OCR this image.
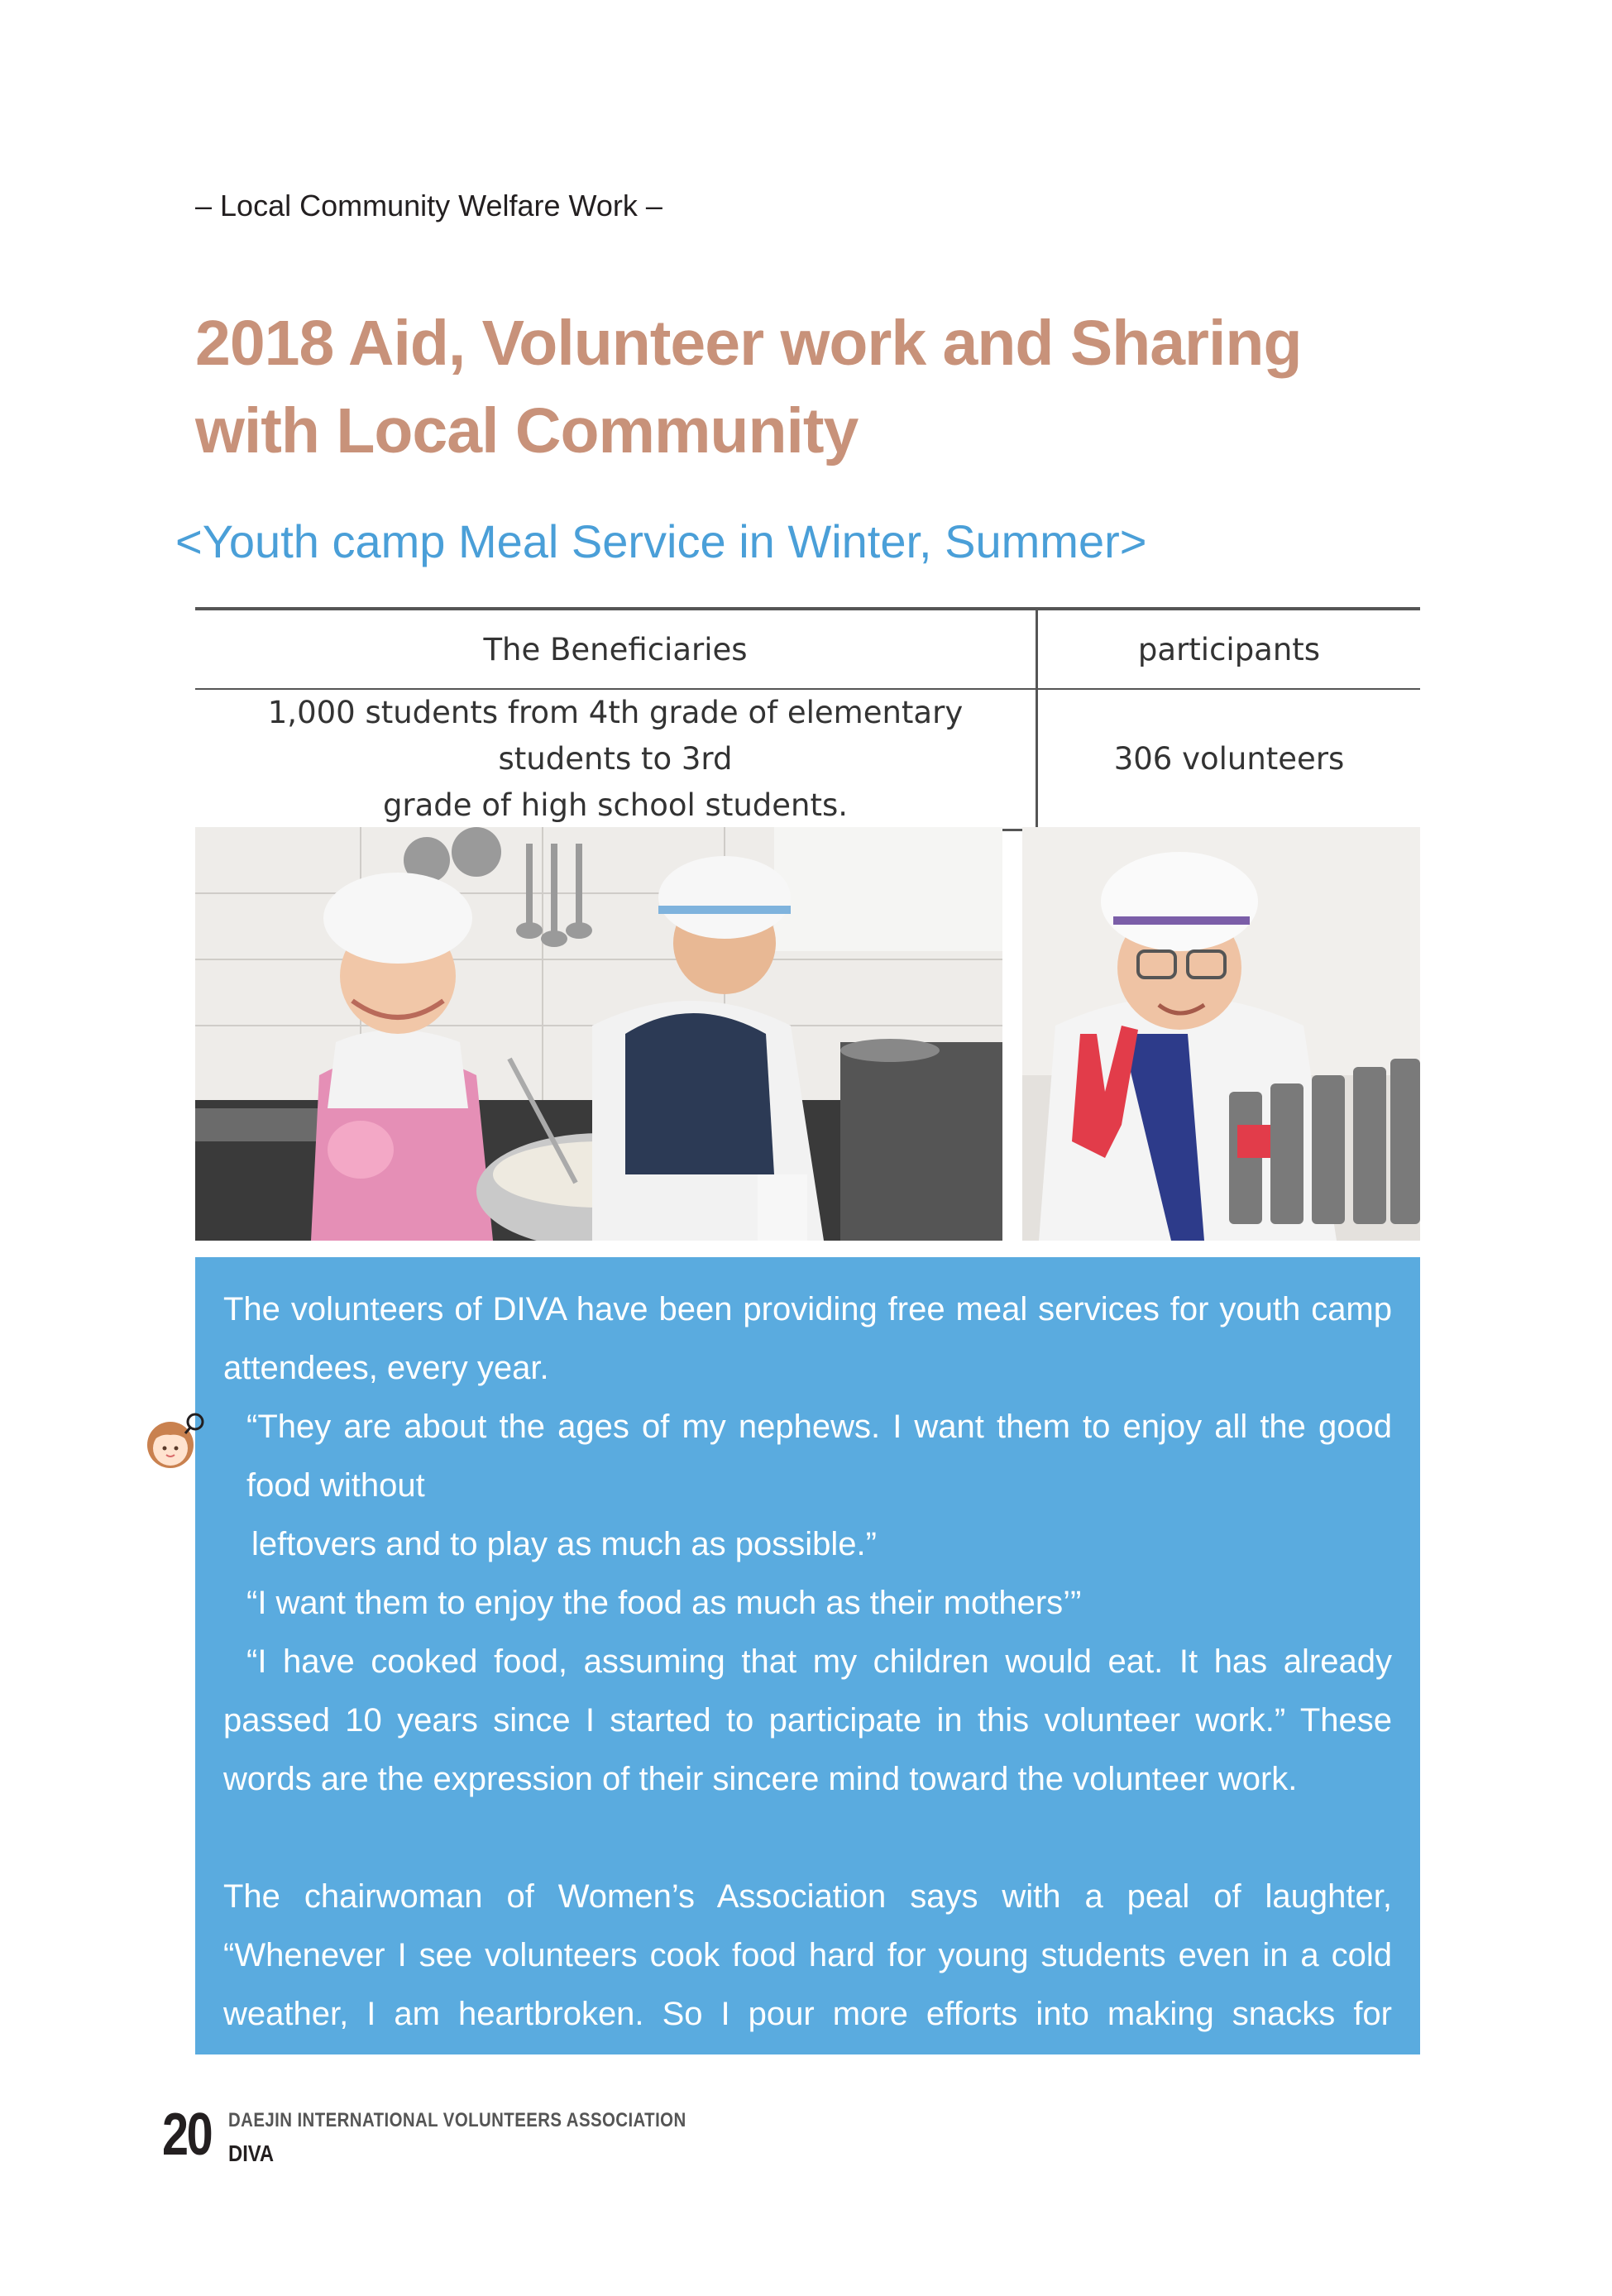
– Local Community Welfare Work –
2018 Aid, Volunteer work and Sharing
with Local Community
<Youth camp Meal Service in Winter, Summer>
The Beneficiaries	participants

1,000 students from 4th grade of elementary students to 3rd
grade of high school students.	306 volunteers

The volunteers of DIVA have been providing free meal services for youth camp attendees, every year.

“They are about the ages of my nephews. I want them to enjoy all the good food without

leftovers and to play as much as possible.”

“I want them to enjoy the food as much as their mothers’”

“I have cooked food, assuming that my children would eat. It has already passed 10 years since I started to participate in this volunteer work.” These words are the expression of their sincere mind toward the volunteer work.

The chairwoman of Women’s Association says with a peal of laughter, “Whenever I see volunteers cook food hard for young students even in a cold weather, I am heartbroken. So I pour more efforts into making snacks for volunteers so that they can cheer themselves up.”

20 DAEJIN INTERNATIONAL VOLUNTEERS ASSOCIATION
DIVA
